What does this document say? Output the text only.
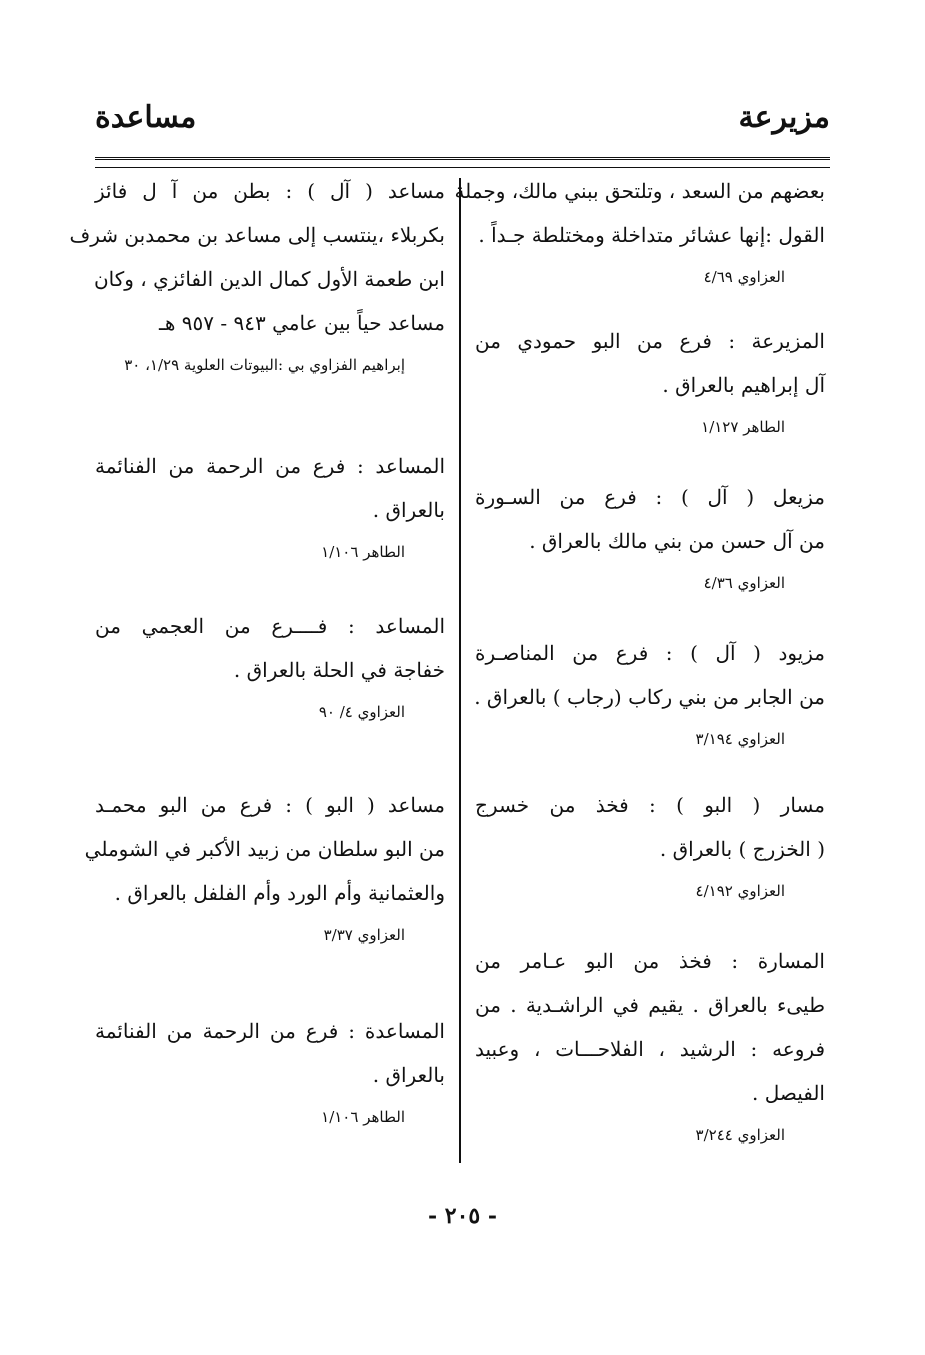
مزيرعة
مساعدة
بعضهم من السعد ، وتلتحق ببني مالك، وجملة
القول :إنها عشائر متداخلة ومختلطة جـداً .
العزاوي ٤/٦٩
المزيرعة : فرع من البو حمودي من
آل إبراهيم بالعراق .
الطاهر ١/١٢٧
مزيعل ( آل ) : فرع من السـورة
من آل حسن من بني مالك بالعراق .
العزاوي ٤/٣٦
مزيود ( آل ) : فرع من المناصـرة
من الجابر من بني ركاب (رجاب ) بالعراق .
العزاوي ٣/١٩٤
مسار ( البو ) : فخذ من خسرج
( الخزرج ) بالعراق .
العزاوي ٤/١٩٢
المسارة : فخذ من البو عـامر من
طيىء بالعراق . يقيم في الراشـدية . من
فروعه : الرشيد ، الفلاحـــات ، وعبيد
الفيصل .
العزاوي ٣/٢٤٤
مساعد ( آل ) : بطن من آ ل فائز
بكربلاء ،ينتسب إلى مساعد بن محمدبن شرف
ابن طعمة الأول كمال الدين الفائزي ، وكان
مساعد حياً بين عامي ٩٤٣ - ٩٥٧ هـ
إبراهيم الفزاوي بي :البيوتات العلوية ١/٢٩، ٣٠
المساعد : فرع من الرحمة من الفنائمة
بالعراق .
الطاهر ١/١٠٦
المساعد : فــــرع من العجمي من
خفاجة في الحلة بالعراق .
العزاوي ٤/ ٩٠
مساعد ( البو ) : فرع من البو محمـد
من البو سلطان من زبيد الأكبر في الشوملي
والعثمانية وأم الورد وأم الفلفل بالعراق .
العزاوي ٣/٣٧
المساعدة : فرع من الرحمة من الفنائمة
بالعراق .
الطاهر ١/١٠٦
- ٢٠٥ -
